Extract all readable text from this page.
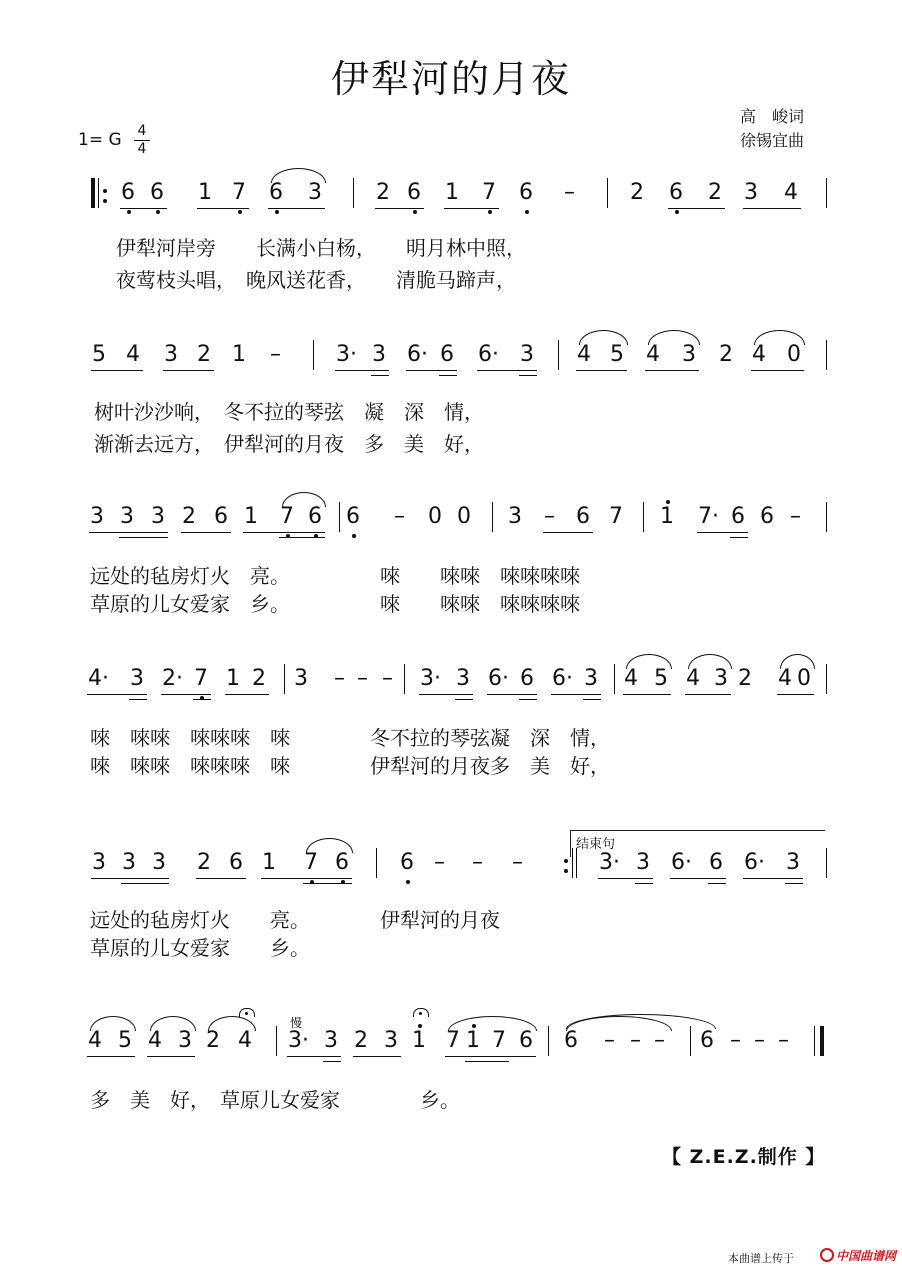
伊犁河的月夜
1= G 4
4
高　峻词
徐锡宜曲
6 6 1 7 6 3 2 6 1 7 6 –	2 6 2 3 4
5 4 3 2 1 –	3· 3 6· 6 6· 3 4 5 4 3 2 4 0
3 3 3 2 6 1 7 6 6 – 0 0 3 – 6 7 1 7· 6 6 –
4· 3 2· 7 1 2 3 – – – 3· 3 6· 6 6· 3 4 5 4 3 2 4 0
3 3 3 2 6 1 7 6 6 – – –	3· 3 6· 6 6· 3
4 5 4 3 2 4 3· 3 2 3 1 7 1 7 6 6 – – – 6 – – –
伊犁河岸旁　　长满小白杨，　　明月林中照，
夜莺枝头唱，　晚风送花香，　　清脆马蹄声，
树叶沙沙响，　冬不拉的琴弦　凝　深　情，
渐渐去远方，　伊犁河的月夜　多　美　好，
远处的毡房灯火　亮。　　　　　唻　　唻唻　唻唻唻唻
草原的儿女爱家　乡。　　　　　唻　　唻唻　唻唻唻唻
唻　唻唻　唻唻唻　唻　　　　冬不拉的琴弦凝　深　情，
唻　唻唻　唻唻唻　唻　　　　伊犁河的月夜多　美　好，
远处的毡房灯火　　亮。　　　　伊犁河的月夜
草原的儿女爱家　　乡。
多　美　好，　草原儿女爱家　　　　乡。
结束句
慢
【 Z.E.Z.制作 】
本曲谱上传于	中国曲谱网
